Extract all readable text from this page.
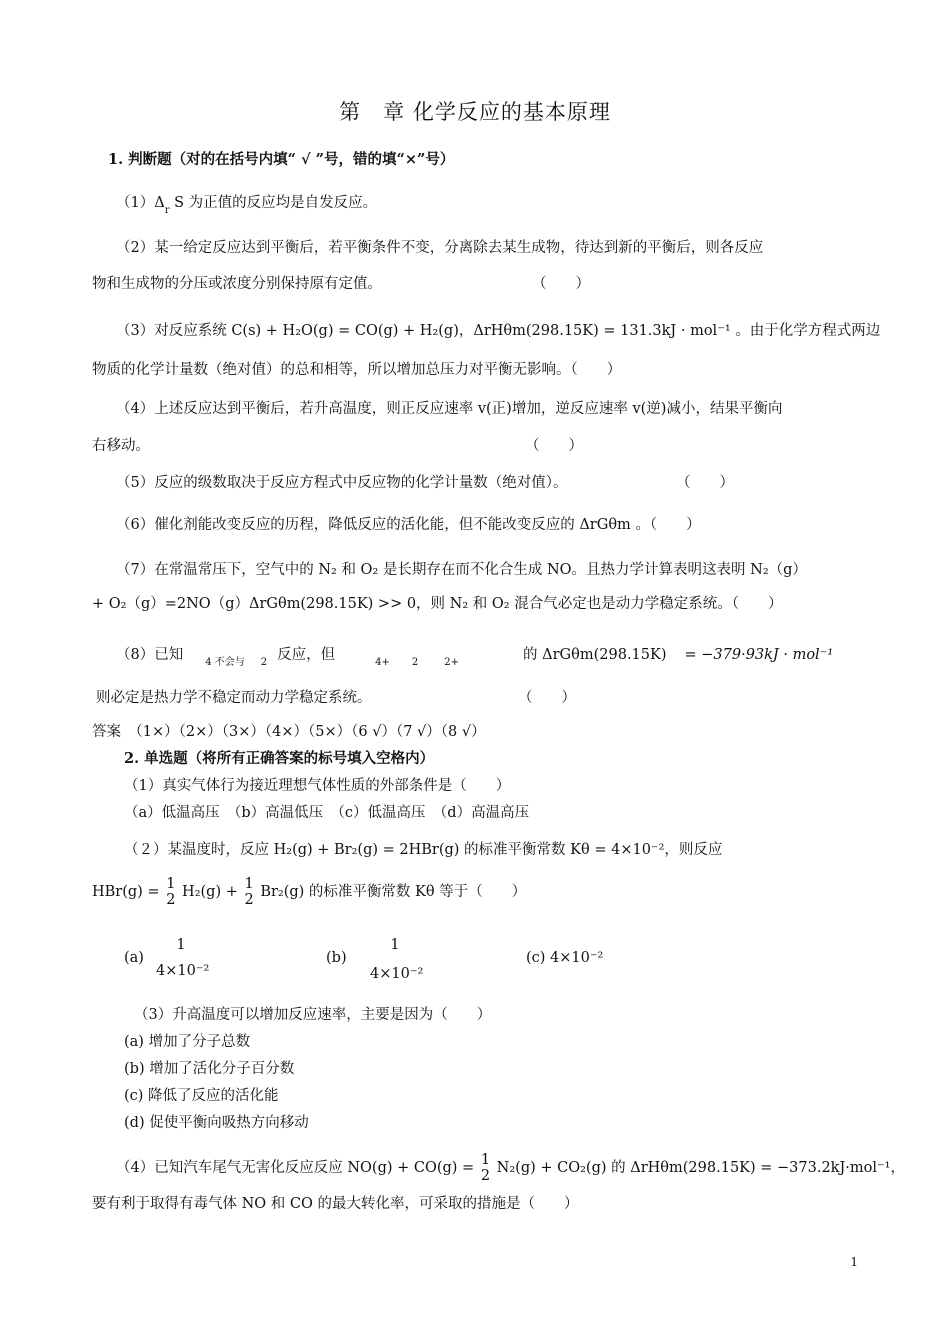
第　章 化学反应的基本原理
1. 判断题（对的在括号内填“ √ ”号，错的填“×”号）
$(1)\Delta_r$ S 为正值的反应均是自发反应。
（2）某一给定反应达到平衡后，若平衡条件不变，分离除去某生成物，待达到新的平衡后，则各反应
物和生成物的分压或浓度分别保持原有定值。	（　　）
（3）对反应系统 C(s) + H₂O(g) = CO(g) + H₂(g)，ΔrHθm(298.15K) = 131.3kJ · mol⁻¹ 。由于化学方程式两边
物质的化学计量数（绝对值）的总和相等，所以增加总压力对平衡无影响。（　　）
（4）上述反应达到平衡后，若升高温度，则正反应速率 v(正)增加，逆反应速率 v(逆)减小，结果平衡向
右移动。	（　　）
（5）反应的级数取决于反应方程式中反应物的化学计量数（绝对值）。	（　　）
（6）催化剂能改变反应的历程，降低反应的活化能，但不能改变反应的 ΔrGθm 。（　　）
（7）在常温常压下，空气中的 N₂ 和 O₂ 是长期存在而不化合生成 NO。且热力学计算表明这表明 N₂（g）
+ O₂（g）=2NO（g）ΔrGθm(298.15K) >> 0，则 N₂ 和 O₂ 混合气必定也是动力学稳定系统。（　　）
（8）已知 $_{4 不会与}$ $_2$ 反应，但	$_{4+}$ $_2$	$_{2+}$	的 ΔrGθm(298.15K) = −379·93kJ · mol⁻¹
则必定是热力学不稳定而动力学稳定系统。	（　　）
答案　（1×）（2×）（3×）（4×）（5×）（6 √）（7 √）（8 √）
2. 单选题（将所有正确答案的标号填入空格内）
（1）真实气体行为接近理想气体性质的外部条件是（　　）
（a）低温高压　（b）高温低压　（c）低温高压　（d）高温高压
（２）某温度时，反应 H₂(g) + Br₂(g) = 2HBr(g) 的标准平衡常数 Kθ = 4×10⁻²，则反应
HBr(g) = 1
2 H₂(g) + 1
2 Br₂(g) 的标准平衡常数 Kθ 等于（　　）
(a)
1
4×10⁻²
(b)
1
4×10⁻²
(c) 4×10⁻²
（3）升高温度可以增加反应速率，主要是因为（　　）
(a) 增加了分子总数
(b) 增加了活化分子百分数
(c) 降低了反应的活化能
(d) 促使平衡向吸热方向移动
（4）已知汽车尾气无害化反应反应 NO(g) + CO(g) = 1
2 N₂(g) + CO₂(g) 的 ΔrHθm(298.15K) = −373.2kJ·mol⁻¹，
要有利于取得有毒气体 NO 和 CO 的最大转化率，可采取的措施是（　　）
1
